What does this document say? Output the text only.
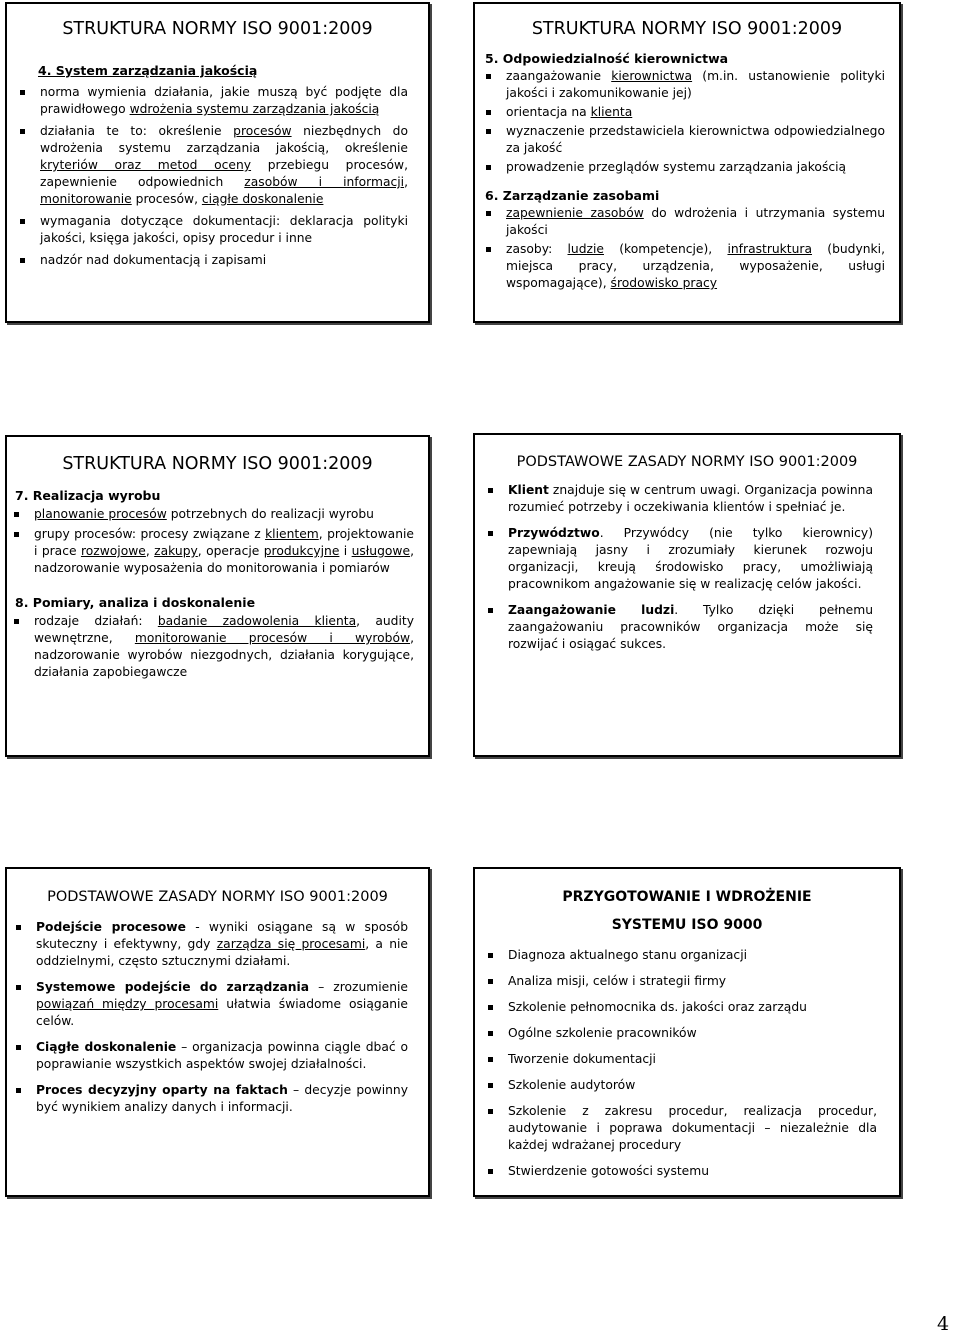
STRUKTURA NORMY ISO 9001:2009
4. System zarządzania jakością
norma wymienia działania, jakie muszą być podjęte dla prawidłowego wdrożenia systemu zarządzania jakością
działania te to: określenie procesów niezbędnych do wdrożenia systemu zarządzania jakością, określenie kryteriów oraz metod oceny przebiegu procesów, zapewnienie odpowiednich zasobów i informacji, monitorowanie procesów, ciągłe doskonalenie
wymagania dotyczące dokumentacji: deklaracja polityki jakości, księga jakości, opisy procedur i inne
nadzór nad dokumentacją i zapisami
STRUKTURA NORMY ISO 9001:2009
5. Odpowiedzialność kierownictwa
zaangażowanie kierownictwa (m.in. ustanowienie polityki jakości i zakomunikowanie jej)
orientacja na klienta
wyznaczenie przedstawiciela kierownictwa odpowiedzialnego za jakość
prowadzenie przeglądów systemu zarządzania jakością
6. Zarządzanie zasobami
zapewnienie zasobów do wdrożenia i utrzymania systemu jakości
zasoby: ludzie (kompetencje), infrastruktura (budynki, miejsca pracy, urządzenia, wyposażenie, usługi wspomagające), środowisko pracy
STRUKTURA NORMY ISO 9001:2009
7. Realizacja wyrobu
planowanie procesów potrzebnych do realizacji wyrobu
grupy procesów: procesy związane z klientem, projektowanie i prace rozwojowe, zakupy, operacje produkcyjne i usługowe, nadzorowanie wyposażenia do monitorowania i pomiarów
8. Pomiary, analiza i doskonalenie
rodzaje działań: badanie zadowolenia klienta, audity wewnętrzne, monitorowanie procesów i wyrobów, nadzorowanie wyrobów niezgodnych, działania korygujące, działania zapobiegawcze
PODSTAWOWE ZASADY NORMY ISO 9001:2009
Klient znajduje się w centrum uwagi. Organizacja powinna rozumieć potrzeby i oczekiwania klientów i spełniać je.
Przywództwo. Przywódcy (nie tylko kierownicy) zapewniają jasny i zrozumiały kierunek rozwoju organizacji, kreują środowisko pracy, umożliwiają pracownikom angażowanie się w realizację celów jakości.
Zaangażowanie ludzi. Tylko dzięki pełnemu zaangażowaniu pracowników organizacja może się rozwijać i osiągać sukces.
PODSTAWOWE ZASADY NORMY ISO 9001:2009
Podejście procesowe - wyniki osiągane są w sposób skuteczny i efektywny, gdy zarządza się procesami, a nie oddzielnymi, często sztucznymi działami.
Systemowe podejście do zarządzania – zrozumienie powiązań między procesami ułatwia świadome osiąganie celów.
Ciągłe doskonalenie – organizacja powinna ciągle dbać o poprawianie wszystkich aspektów swojej działalności.
Proces decyzyjny oparty na faktach – decyzje powinny być wynikiem analizy danych i informacji.
PRZYGOTOWANIE I WDROŻENIE
SYSTEMU ISO 9000
Diagnoza aktualnego stanu organizacji
Analiza misji, celów i strategii firmy
Szkolenie pełnomocnika ds. jakości oraz zarządu
Ogólne szkolenie pracowników
Tworzenie dokumentacji
Szkolenie audytorów
Szkolenie z zakresu procedur, realizacja procedur, audytowanie i poprawa dokumentacji – niezależnie dla każdej wdrażanej procedury
Stwierdzenie gotowości systemu
4
